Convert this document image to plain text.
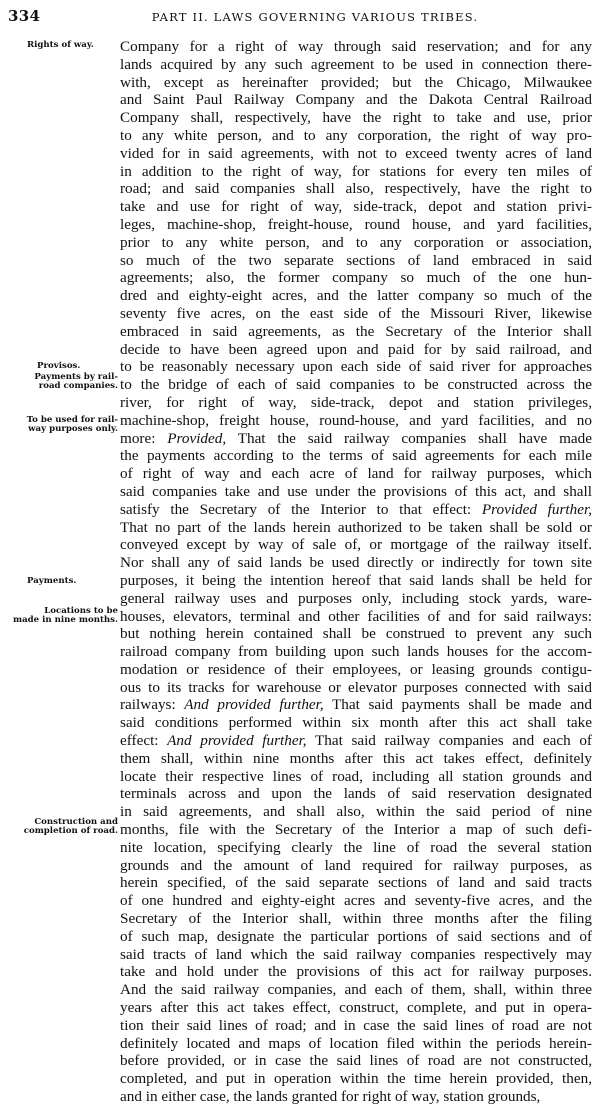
334	PART II. LAWS GOVERNING VARIOUS TRIBES.
Rights of way.
Provisos.
Payments by rail-
road companies.
To be used for rail-
way purposes only.
Payments.
Locations to be
made in nine months.
Construction and
completion of road.
Company for a right of way through said reservation; and for any
lands acquired by any such agreement to be used in connection there-
with, except as hereinafter provided; but the Chicago, Milwaukee
and Saint Paul Railway Company and the Dakota Central Railroad
Company shall, respectively, have the right to take and use, prior
to any white person, and to any corporation, the right of way pro-
vided for in said agreements, with not to exceed twenty acres of land
in addition to the right of way, for stations for every ten miles of
road; and said companies shall also, respectively, have the right to
take and use for right of way, side-track, depot and station privi-
leges, machine-shop, freight-house, round house, and yard facilities,
prior to any white person, and to any corporation or association,
so much of the two separate sections of land embraced in said
agreements; also, the former company so much of the one hun-
dred and eighty-eight acres, and the latter company so much of the
seventy five acres, on the east side of the Missouri River, likewise
embraced in said agreements, as the Secretary of the Interior shall
decide to have been agreed upon and paid for by said railroad, and
to be reasonably necessary upon each side of said river for approaches
to the bridge of each of said companies to be constructed across the
river, for right of way, side-track, depot and station privileges,
machine-shop, freight house, round-house, and yard facilities, and no
more: Provided, That the said railway companies shall have made
the payments according to the terms of said agreements for each mile
of right of way and each acre of land for railway purposes, which
said companies take and use under the provisions of this act, and shall
satisfy the Secretary of the Interior to that effect: Provided further,
That no part of the lands herein authorized to be taken shall be sold or
conveyed except by way of sale of, or mortgage of the railway itself.
Nor shall any of said lands be used directly or indirectly for town site
purposes, it being the intention hereof that said lands shall be held for
general railway uses and purposes only, including stock yards, ware-
houses, elevators, terminal and other facilities of and for said railways:
but nothing herein contained shall be construed to prevent any such
railroad company from building upon such lands houses for the accom-
modation or residence of their employees, or leasing grounds contigu-
ous to its tracks for warehouse or elevator purposes connected with said
railways: And provided further, That said payments shall be made and
said conditions performed within six month after this act shall take
effect: And provided further, That said railway companies and each of
them shall, within nine months after this act takes effect, definitely
locate their respective lines of road, including all station grounds and
terminals across and upon the lands of said reservation designated
in said agreements, and shall also, within the said period of nine
months, file with the Secretary of the Interior a map of such defi-
nite location, specifying clearly the line of road the several station
grounds and the amount of land required for railway purposes, as
herein specified, of the said separate sections of land and said tracts
of one hundred and eighty-eight acres and seventy-five acres, and the
Secretary of the Interior shall, within three months after the filing
of such map, designate the particular portions of said sections and of
said tracts of land which the said railway companies respectively may
take and hold under the provisions of this act for railway purposes.
And the said railway companies, and each of them, shall, within three
years after this act takes effect, construct, complete, and put in opera-
tion their said lines of road; and in case the said lines of road are not
definitely located and maps of location filed within the periods herein-
before provided, or in case the said lines of road are not constructed,
completed, and put in operation within the time herein provided, then,
and in either case, the lands granted for right of way, station grounds,
